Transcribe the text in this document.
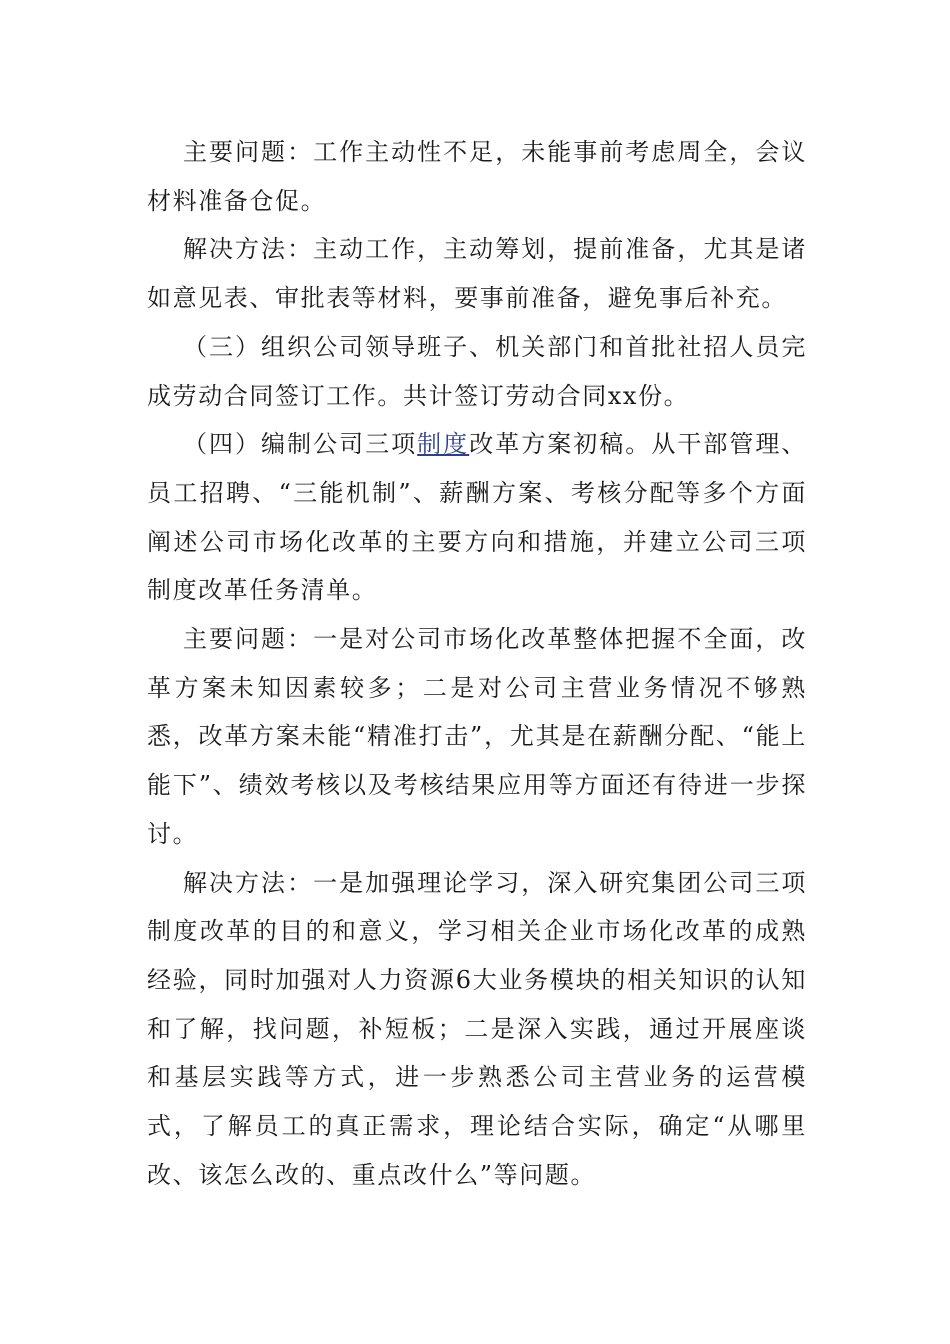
主要问题：工作主动性不足，未能事前考虑周全，会议材料准备仓促。

解决方法：主动工作，主动筹划，提前准备，尤其是诸如意见表、审批表等材料，要事前准备，避免事后补充。

（三）组织公司领导班子、机关部门和首批社招人员完成劳动合同签订工作。共计签订劳动合同xx份。

（四）编制公司三项制度改革方案初稿。从干部管理、员工招聘、“三能机制”、薪酬方案、考核分配等多个方面阐述公司市场化改革的主要方向和措施，并建立公司三项制度改革任务清单。

主要问题：一是对公司市场化改革整体把握不全面，改革方案未知因素较多；二是对公司主营业务情况不够熟悉，改革方案未能“精准打击”，尤其是在薪酬分配、“能上能下”、绩效考核以及考核结果应用等方面还有待进一步探讨。

解决方法：一是加强理论学习，深入研究集团公司三项制度改革的目的和意义，学习相关企业市场化改革的成熟经验，同时加强对人力资源6大业务模块的相关知识的认知和了解，找问题，补短板；二是深入实践，通过开展座谈和基层实践等方式，进一步熟悉公司主营业务的运营模式，了解员工的真正需求，理论结合实际，确定“从哪里改、该怎么改的、重点改什么”等问题。
